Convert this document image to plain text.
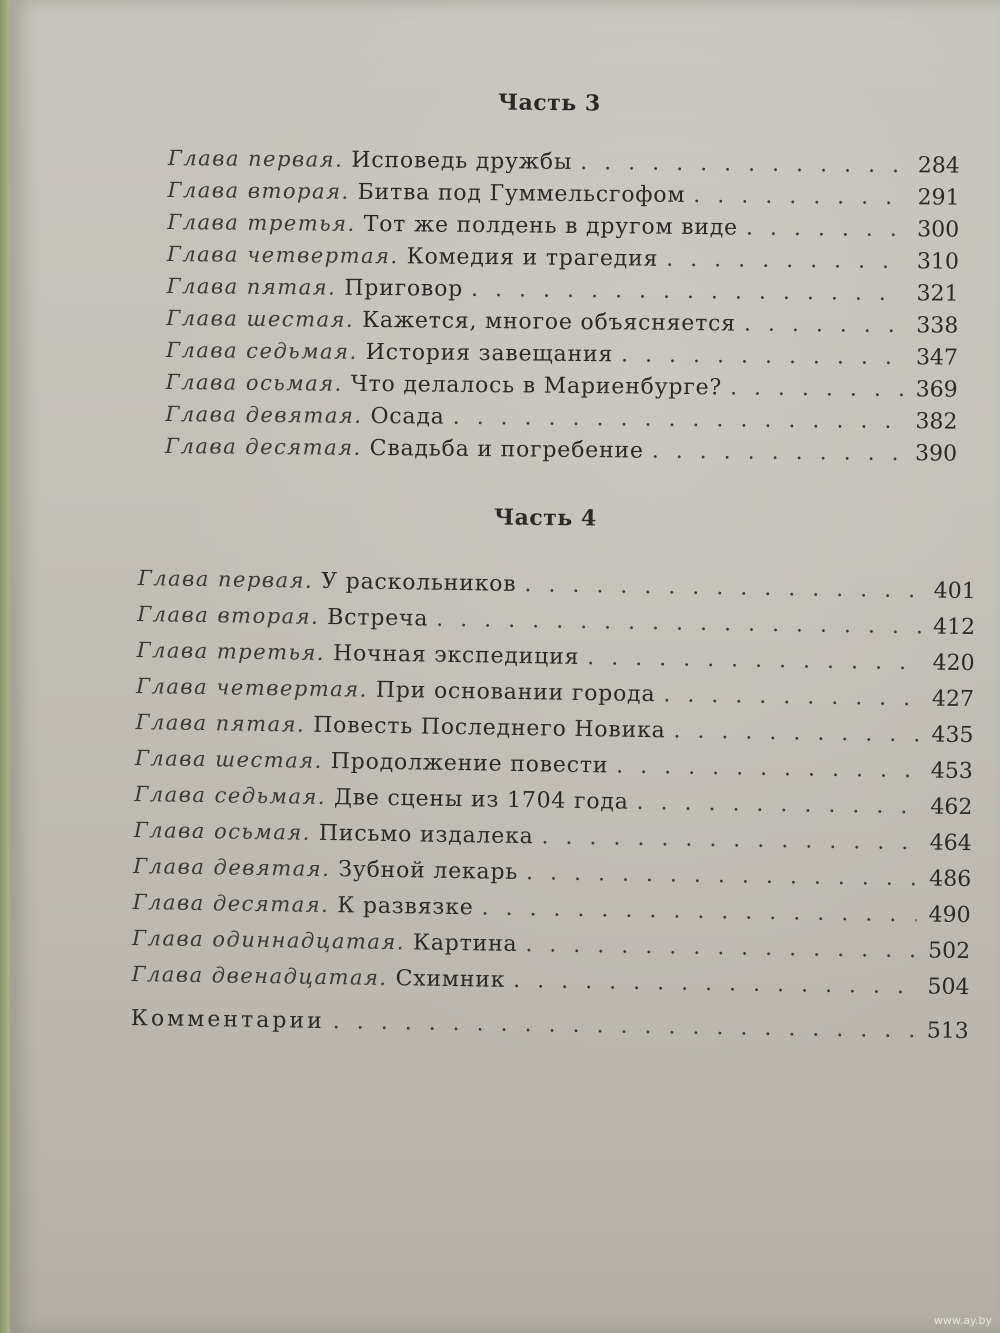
Часть 3
Глава первая. Исповедь дружбы . . .	284
Глава вторая. Битва под Гуммельсгофом . . .	291
Глава третья. Тот же полдень в другом виде . . .	300
Глава четвертая. Комедия и трагедия . . .	310
Глава пятая. Приговор . . .	321
Глава шестая. Кажется, многое объясняется . . .	338
Глава седьмая. История завещания . . .	347
Глава осьмая. Что делалось в Мариенбурге? . . .	369
Глава девятая. Осада . . .	382
Глава десятая. Свадьба и погребение . . .	390
Часть 4
Глава первая. У раскольников . . .	401
Глава вторая. Встреча . . .	412
Глава третья. Ночная экспедиция . . .	420
Глава четвертая. При основании города . . .	427
Глава пятая. Повесть Последнего Новика . . .	435
Глава шестая. Продолжение повести . . .	453
Глава седьмая. Две сцены из 1704 года . . .	462
Глава осьмая. Письмо издалека . . .	464
Глава девятая. Зубной лекарь . . .	486
Глава десятая. К развязке . . .	490
Глава одиннадцатая. Картина . . .	502
Глава двенадцатая. Схимник . . .	504
Комментарии . . .	513
www.ay.by
